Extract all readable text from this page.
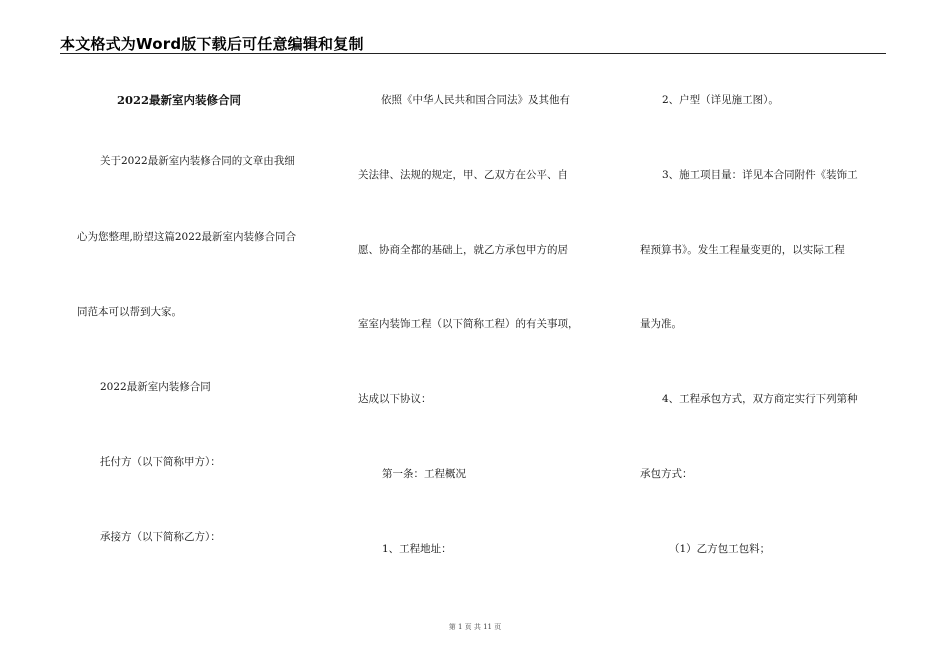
本文格式为Word版下载后可任意编辑和复制
2022最新室内装修合同
关于2022最新室内装修合同的文章由我细
心为您整理,盼望这篇2022最新室内装修合同合
同范本可以帮到大家。
2022最新室内装修合同
托付方（以下简称甲方）：
承接方（以下简称乙方）：
依照《中华人民共和国合同法》及其他有
关法律、法规的规定，甲、乙双方在公平、自
愿、协商全都的基础上，就乙方承包甲方的居
室室内装饰工程（以下简称工程）的有关事项，
达成以下协议：
第一条：工程概况
1、工程地址：
2、户型（详见施工图）。
3、施工项目量：详见本合同附件《装饰工
程预算书》。发生工程量变更的，以实际工程
量为准。
4、工程承包方式，双方商定实行下列第种
承包方式：
（1）乙方包工包料；
第 1 页 共 11 页
